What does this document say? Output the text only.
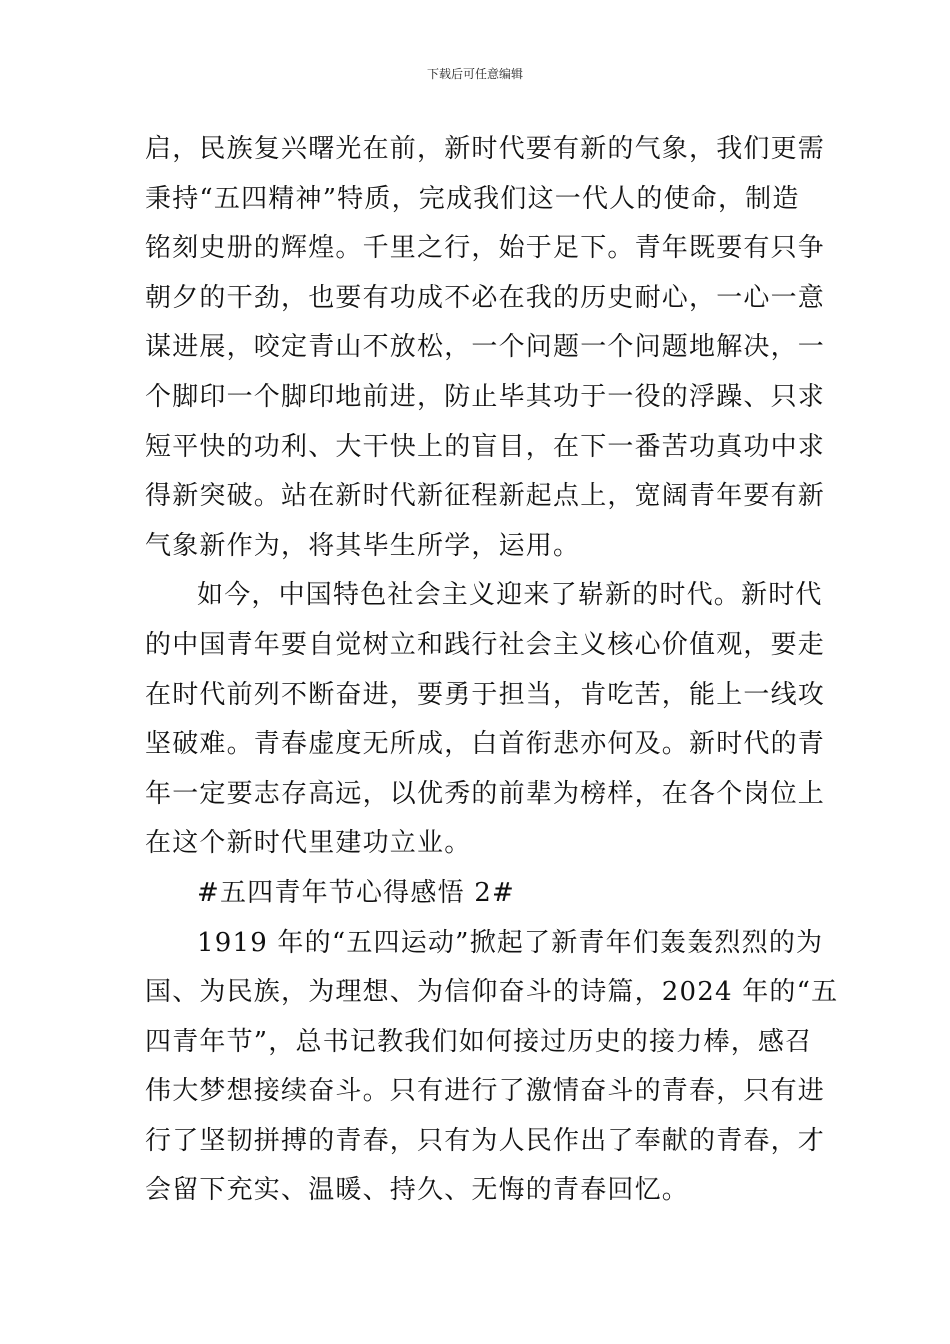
下载后可任意编辑
启，民族复兴曙光在前，新时代要有新的气象，我们更需
秉持“五四精神”特质，完成我们这一代人的使命，制造
铭刻史册的辉煌。千里之行，始于足下。青年既要有只争
朝夕的干劲，也要有功成不必在我的历史耐心，一心一意
谋进展，咬定青山不放松，一个问题一个问题地解决，一
个脚印一个脚印地前进，防止毕其功于一役的浮躁、只求
短平快的功利、大干快上的盲目，在下一番苦功真功中求
得新突破。站在新时代新征程新起点上，宽阔青年要有新
气象新作为，将其毕生所学，运用。
如今，中国特色社会主义迎来了崭新的时代。新时代
的中国青年要自觉树立和践行社会主义核心价值观，要走
在时代前列不断奋进，要勇于担当，肯吃苦，能上一线攻
坚破难。青春虚度无所成，白首衔悲亦何及。新时代的青
年一定要志存高远，以优秀的前辈为榜样，在各个岗位上
在这个新时代里建功立业。
#五四青年节心得感悟 2#
1919 年的“五四运动”掀起了新青年们轰轰烈烈的为
国、为民族，为理想、为信仰奋斗的诗篇，2024 年的“五
四青年节”，总书记教我们如何接过历史的接力棒，感召
伟大梦想接续奋斗。只有进行了激情奋斗的青春，只有进
行了坚韧拼搏的青春，只有为人民作出了奉献的青春，才
会留下充实、温暖、持久、无悔的青春回忆。
